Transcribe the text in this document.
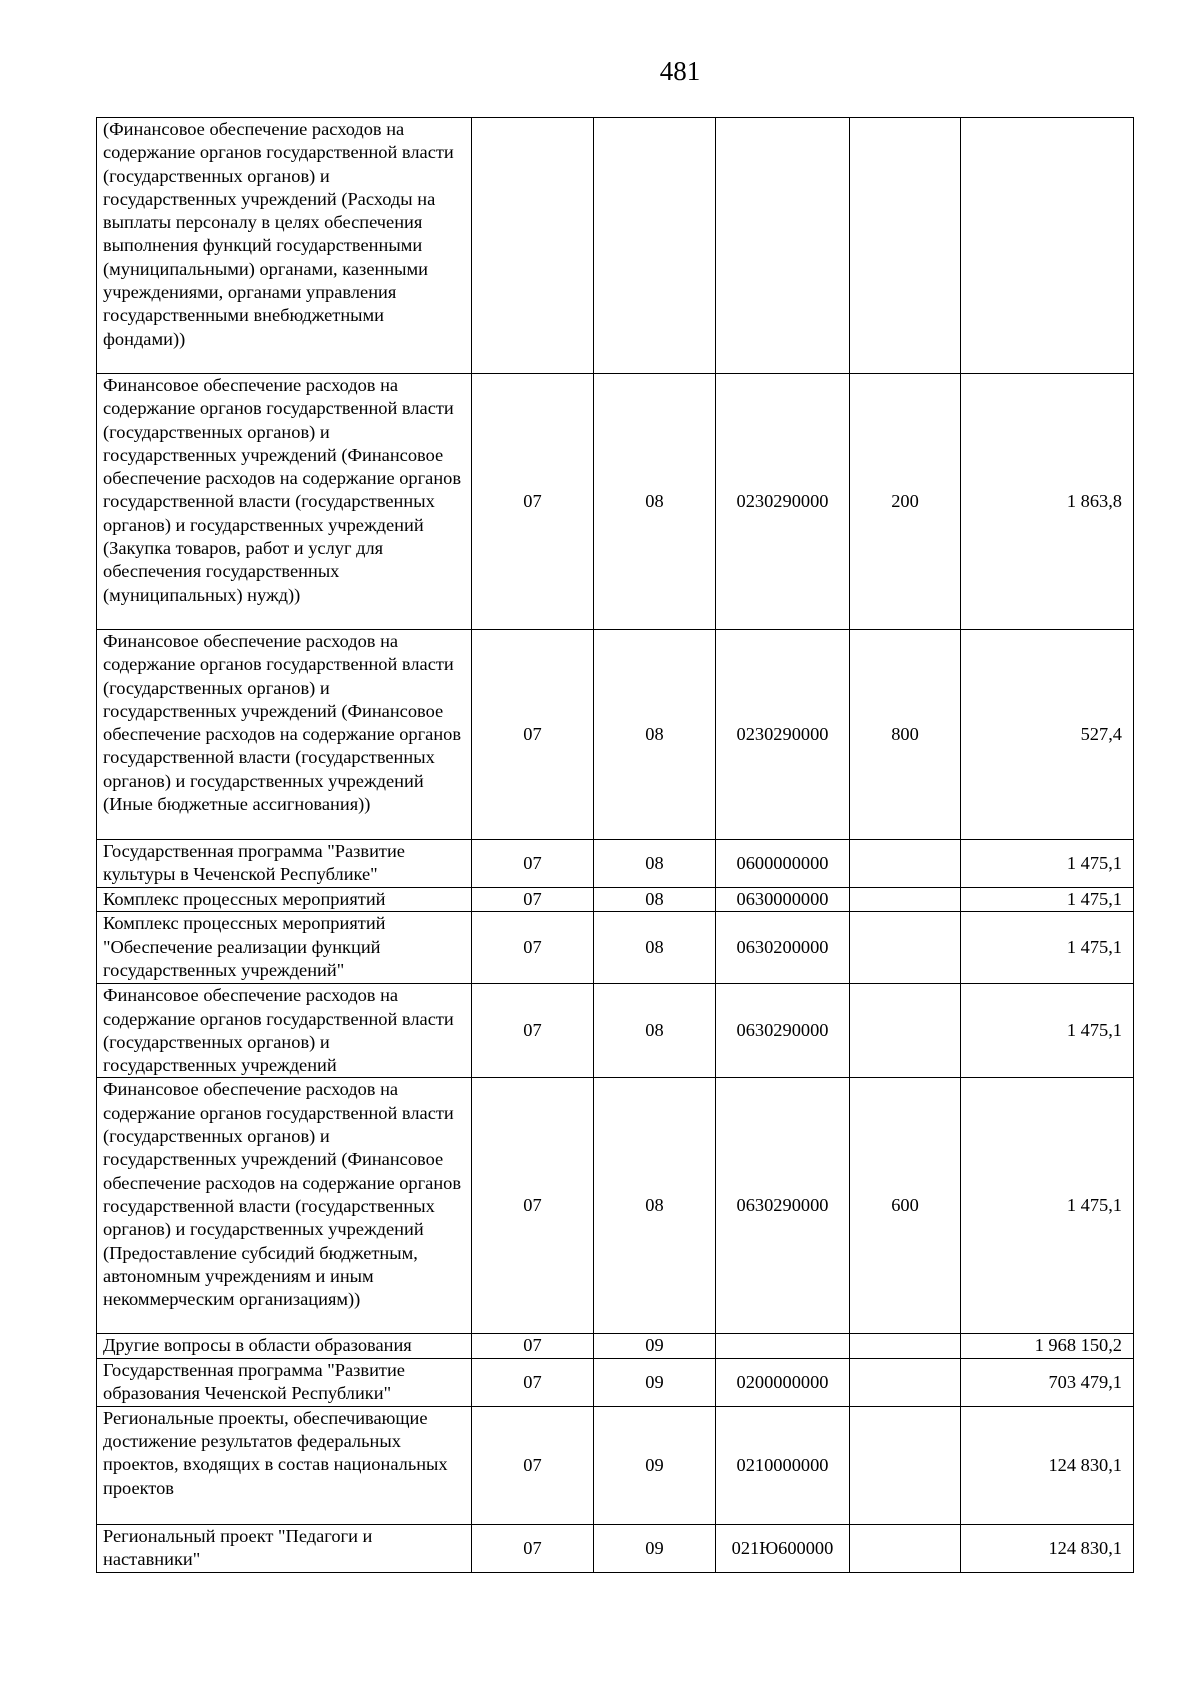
481
(Финансовое обеспечение расходов на содержание органов государственной власти (государственных органов) и государственных учреждений (Расходы на выплаты персоналу в целях обеспечения выполнения функций государственными (муниципальными) органами, казенными учреждениями, органами управления государственными внебюджетными фондами))					
Финансовое обеспечение расходов на содержание органов государственной власти (государственных органов) и государственных учреждений (Финансовое обеспечение расходов на содержание органов государственной власти (государственных органов) и государственных учреждений (Закупка товаров, работ и услуг для обеспечения государственных (муниципальных) нужд))	07	08	0230290000	200	1 863,8
Финансовое обеспечение расходов на содержание органов государственной власти (государственных органов) и государственных учреждений (Финансовое обеспечение расходов на содержание органов государственной власти (государственных органов) и государственных учреждений (Иные бюджетные ассигнования))	07	08	0230290000	800	527,4
Государственная программа "Развитие культуры в Чеченской Республике"	07	08	0600000000		1 475,1
Комплекс процессных мероприятий	07	08	0630000000		1 475,1
Комплекс процессных мероприятий "Обеспечение реализации функций государственных учреждений"	07	08	0630200000		1 475,1
Финансовое обеспечение расходов на содержание органов государственной власти (государственных органов) и государственных учреждений	07	08	0630290000		1 475,1
Финансовое обеспечение расходов на содержание органов государственной власти (государственных органов) и государственных учреждений (Финансовое обеспечение расходов на содержание органов государственной власти (государственных органов) и государственных учреждений (Предоставление субсидий бюджетным, автономным учреждениям и иным некоммерческим организациям))	07	08	0630290000	600	1 475,1
Другие вопросы в области образования	07	09			1 968 150,2
Государственная программа "Развитие образования Чеченской Республики"	07	09	0200000000		703 479,1
Региональные проекты, обеспечивающие достижение результатов федеральных проектов, входящих в состав национальных проектов	07	09	0210000000		124 830,1
Региональный проект "Педагоги и наставники"	07	09	021Ю600000		124 830,1
